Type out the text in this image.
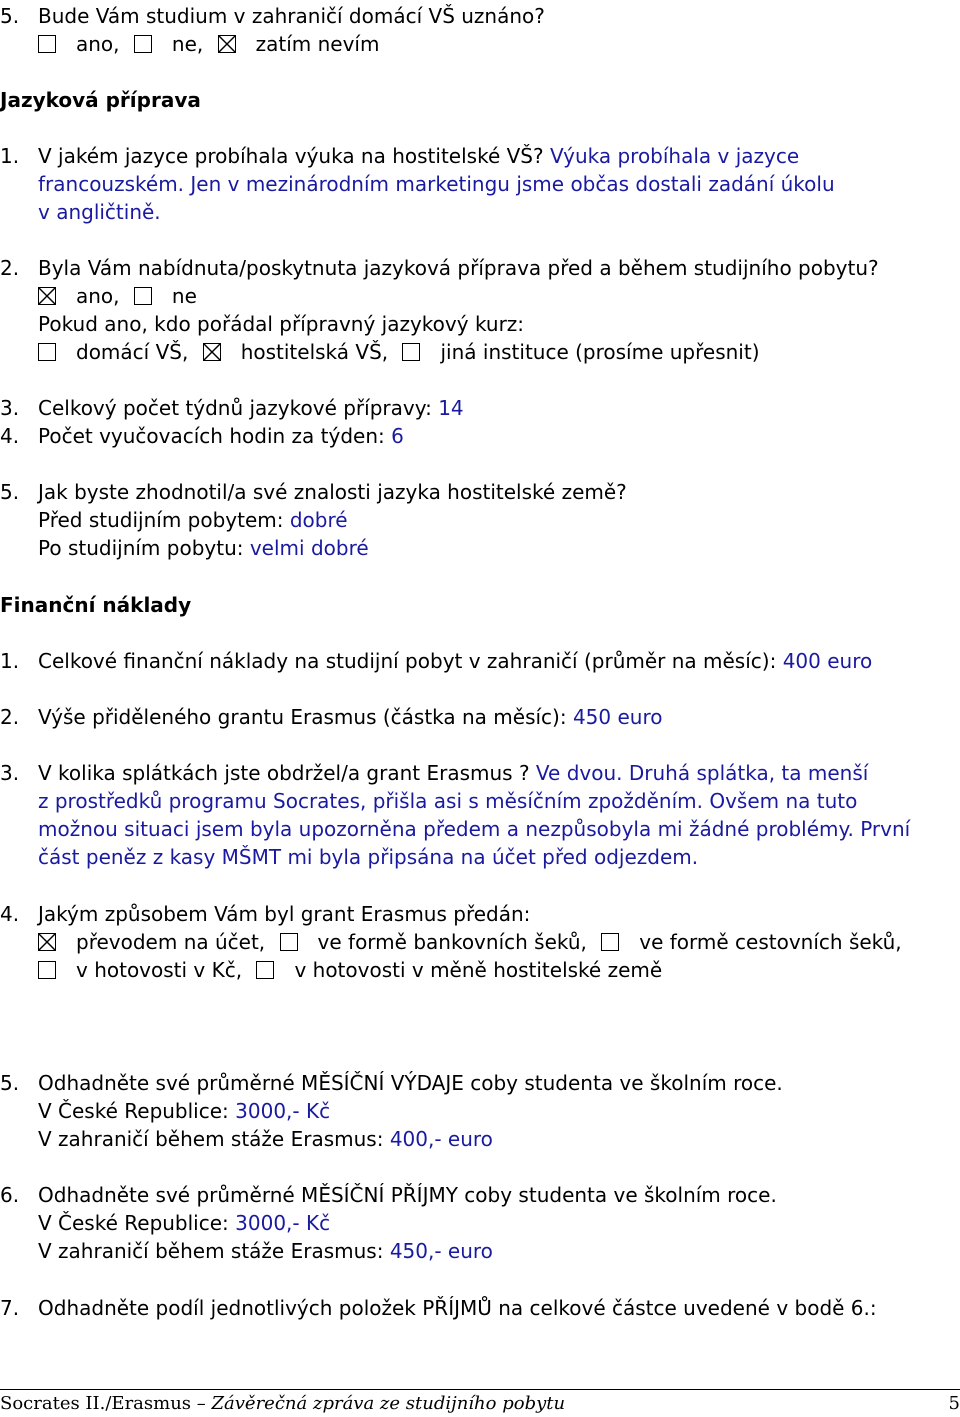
5. Bude Vám studium v zahraničí domácí VŠ uznáno?
ano,	ne,	zatím nevím
Jazyková příprava
1. V jakém jazyce probíhala výuka na hostitelské VŠ? Výuka probíhala v jazyce
francouzském. Jen v mezinárodním marketingu jsme občas dostali zadání úkolu
v angličtině.
2. Byla Vám nabídnuta/poskytnuta jazyková příprava před a během studijního pobytu?
ano,	ne
Pokud ano, kdo pořádal přípravný jazykový kurz:
domácí VŠ,	hostitelská VŠ,	jiná instituce (prosíme upřesnit)
3. Celkový počet týdnů jazykové přípravy: 14
4. Počet vyučovacích hodin za týden: 6
5. Jak byste zhodnotil/a své znalosti jazyka hostitelské země?
Před studijním pobytem: dobré
Po studijním pobytu: velmi dobré
Finanční náklady
1. Celkové finanční náklady na studijní pobyt v zahraničí (průměr na měsíc): 400 euro
2. Výše přiděleného grantu Erasmus (částka na měsíc): 450 euro
3. V kolika splátkách jste obdržel/a grant Erasmus ? Ve dvou. Druhá splátka, ta menší
z prostředků programu Socrates, přišla asi s měsíčním zpožděním. Ovšem na tuto
možnou situaci jsem byla upozorněna předem a nezpůsobyla mi žádné problémy. První
část peněz z kasy MŠMT mi byla připsána na účet před odjezdem.
4. Jakým způsobem Vám byl grant Erasmus předán:
převodem na účet,	ve formě bankovních šeků,	ve formě cestovních šeků,
v hotovosti v Kč,	v hotovosti v měně hostitelské země
5. Odhadněte své průměrné MĚSÍČNÍ VÝDAJE coby studenta ve školním roce.
V České Republice: 3000,- Kč
V zahraničí během stáže Erasmus: 400,- euro
6. Odhadněte své průměrné MĚSÍČNÍ PŘÍJMY coby studenta ve školním roce.
V České Republice: 3000,- Kč
V zahraničí během stáže Erasmus: 450,- euro
7. Odhadněte podíl jednotlivých položek PŘÍJMŮ na celkové částce uvedené v bodě 6.:
Socrates II./Erasmus – Závěrečná zpráva ze studijního pobytu	5
